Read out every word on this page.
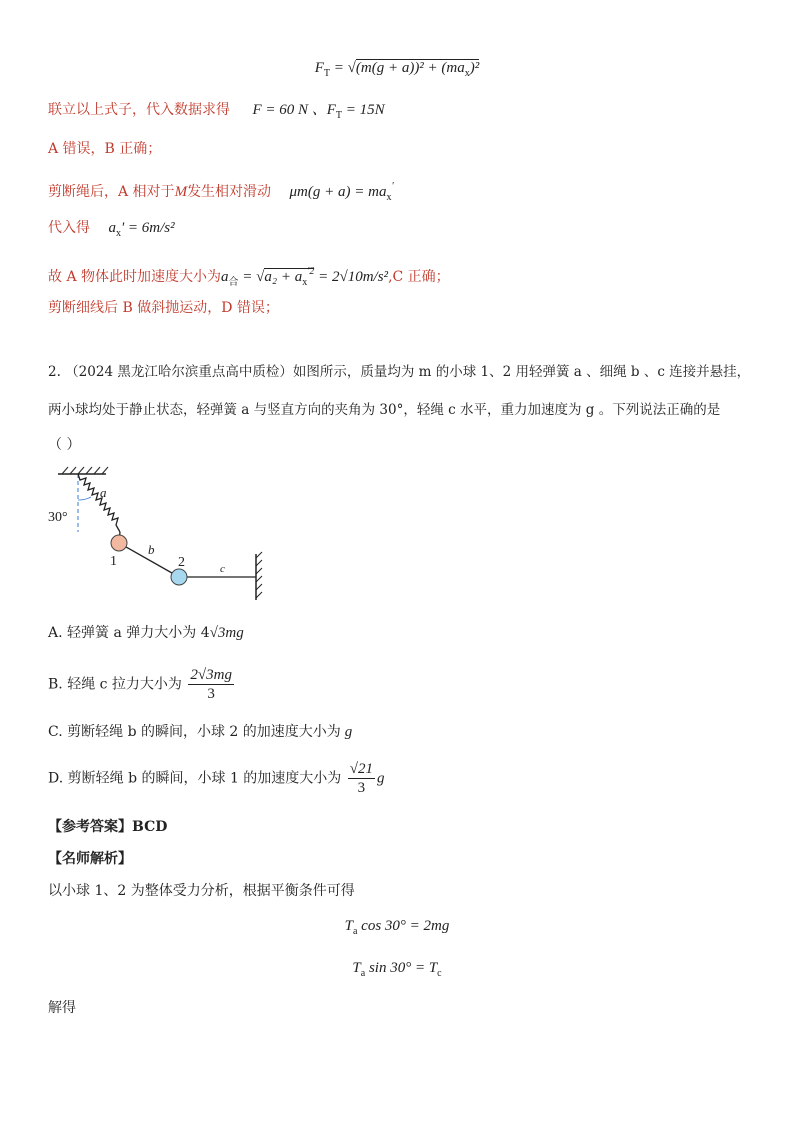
$F_T = √(m(g + a))^2 + (ma_x)^2$
联立以上式子，代入数据求得 F = 60 N 、$F_T = 15N$
A 错误，B 正确；
剪断绳后，A 相对于M发生相对滑动 $\mu m(g + a) = ma_x'$
代入得 $a_x' = 6m/s^2$
故 A 物体此时加速度大小为$a_合 = √a_2 + a_x^{'2} = 2√10m/s^2,C$ 正确；
剪断细线后 B 做斜抛运动，D 错误；
2. （2024 黑龙江哈尔滨重点高中质检）如图所示，质量均为 m 的小球 1、2 用轻弹簧 a 、细绳 b 、c 连接并悬挂，
两小球均处于静止状态，轻弹簧 a 与竖直方向的夹角为 30°，轻绳 c 水平，重力加速度为 g 。下列说法正确的是
（ ）
30°
a
b
c
1	2
A. 轻弹簧 a 弹力大小为 4√3mg
B. 轻绳 c 拉力大小为 $\frac{2√3mg}{3}$
C. 剪断轻绳 b 的瞬间，小球 2 的加速度大小为 g
D. 剪断轻绳 b 的瞬间，小球 1 的加速度大小为 $\frac{√21}{3}$ g
【参考答案】BCD
【名师解析】
以小球 1、2 为整体受力分析，根据平衡条件可得
$T_a$ cos 30° = 2mg
$T_a$ $\sin 30^\circ = T_c$
解得
